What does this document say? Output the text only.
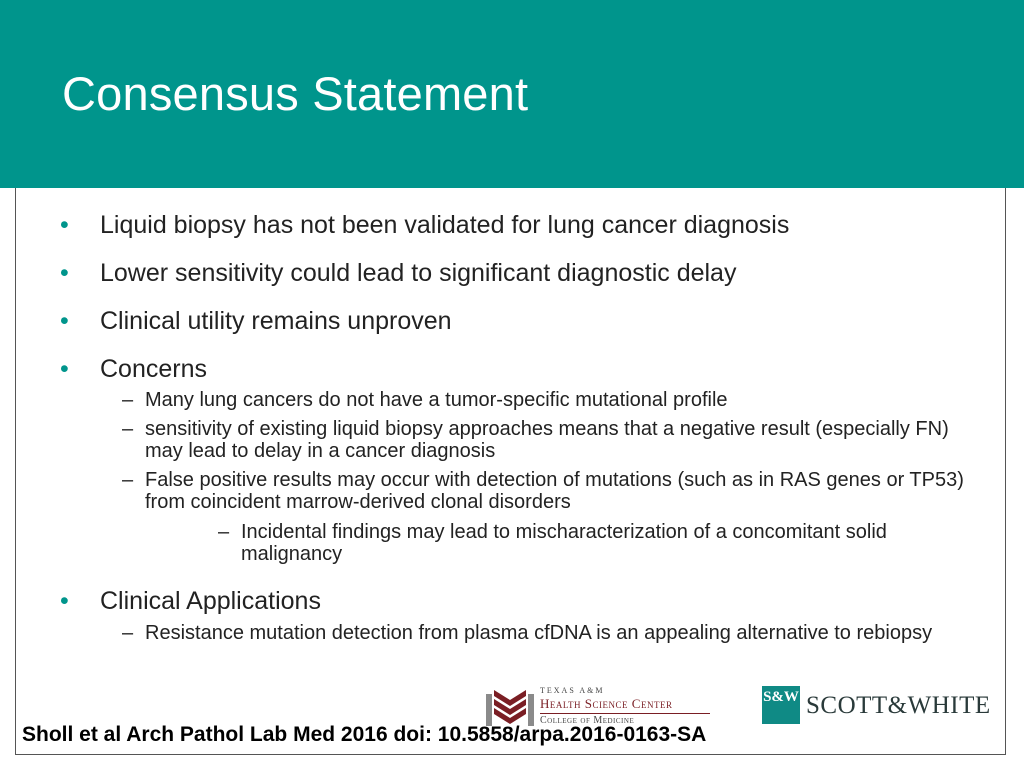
Consensus Statement
• Liquid biopsy has not been validated for lung cancer diagnosis
• Lower sensitivity could lead to significant diagnostic delay
• Clinical utility remains unproven
• Concerns
– Many lung cancers do not have a tumor-specific mutational profile
– sensitivity of existing liquid biopsy approaches means that a negative result (especially FN) may lead to delay in a cancer diagnosis
– False positive results may occur with detection of mutations (such as in RAS genes or TP53) from coincident marrow-derived clonal disorders
– Incidental findings may lead to mischaracterization of a concomitant solid malignancy
• Clinical Applications
– Resistance mutation detection from plasma cfDNA is an appealing alternative to rebiopsy
TEXAS A&M
Health Science Center
College of Medicine
S&W SCOTT&WHITE
Sholl et al Arch Pathol Lab Med 2016 doi: 10.5858/arpa.2016-0163-SA
